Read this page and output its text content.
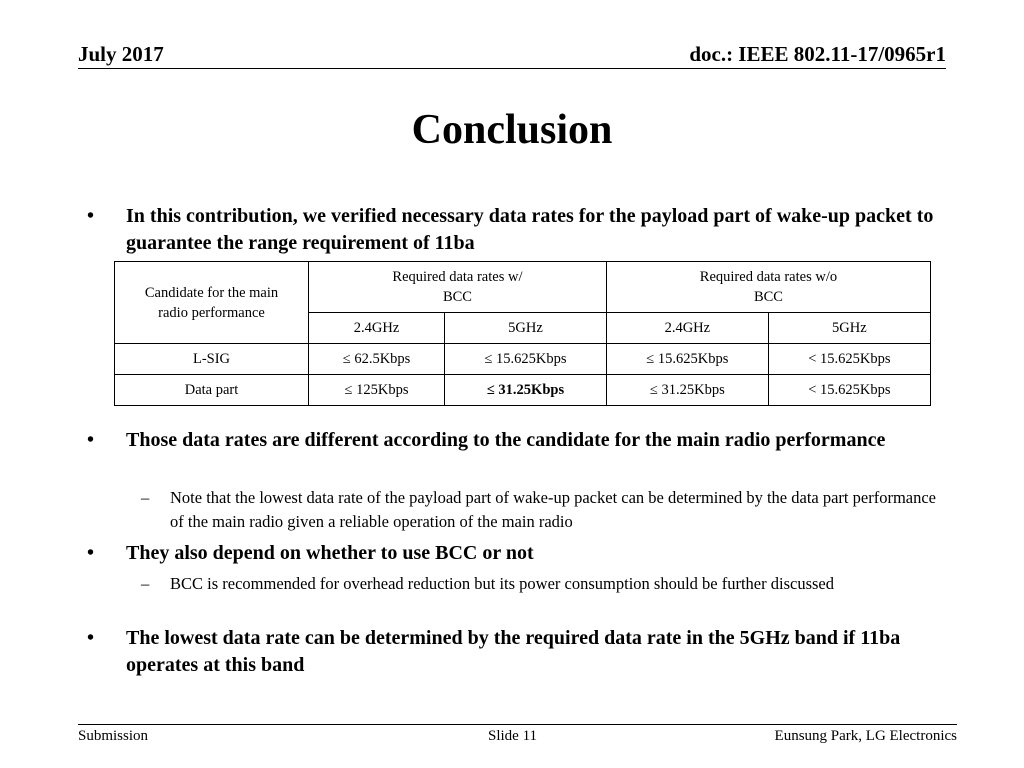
July 2017	doc.: IEEE 802.11-17/0965r1
Conclusion
• In this contribution, we verified necessary data rates for the payload part of wake-up packet to guarantee the range requirement of 11ba
Candidate for the main radio performance	Required data rates w/ BCC		Required data rates w/o BCC	
	2.4GHz	5GHz	2.4GHz	5GHz
L-SIG	≤ 62.5Kbps	≤ 15.625Kbps	≤ 15.625Kbps	< 15.625Kbps
Data part	≤ 125Kbps	≤ 31.25Kbps	≤ 31.25Kbps	< 15.625Kbps
• Those data rates are different according to the candidate for the main radio performance
– Note that the lowest data rate of the payload part of wake-up packet can be determined by the data part performance of the main radio given a reliable operation of the main radio
• They also depend on whether to use BCC or not
– BCC is recommended for overhead reduction but its power consumption should be further discussed
• The lowest data rate can be determined by the required data rate in the 5GHz band if 11ba operates at this band
Submission	Slide 11	Eunsung Park, LG Electronics
